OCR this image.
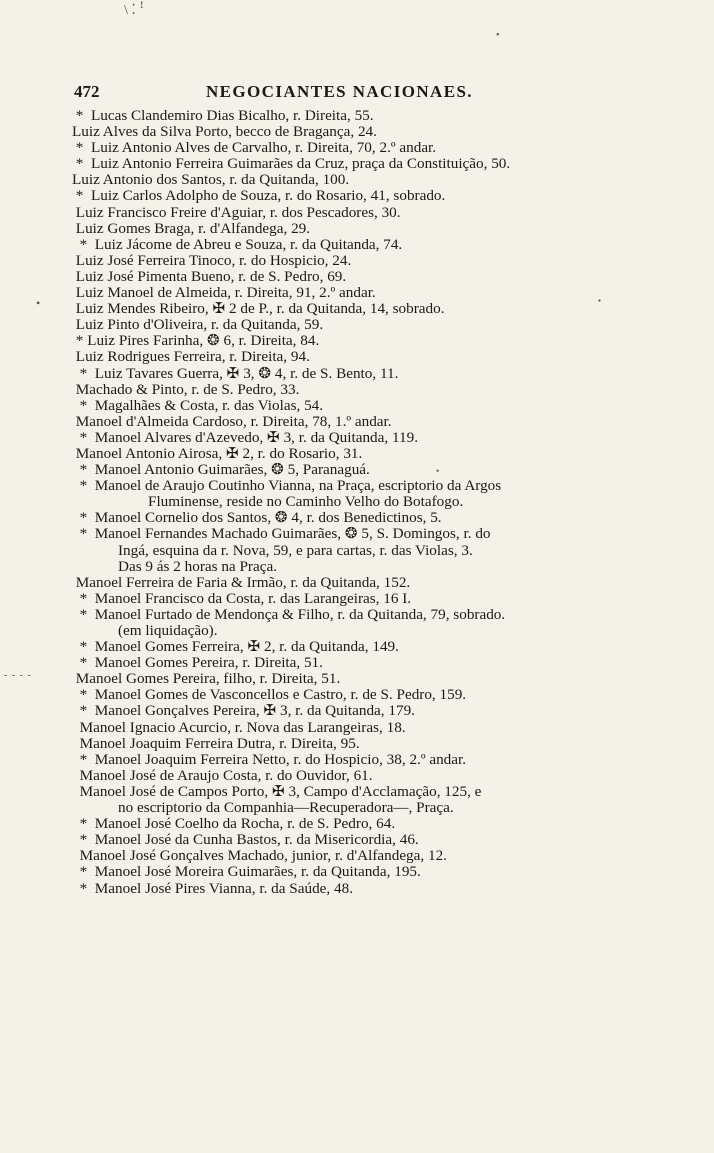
\ ⁚ ꜝ
•
•	▪
- - - -
•
472	NEGOCIANTES NACIONAES.
*  Lucas Clandemiro Dias Bicalho, r. Direita, 55.
Luiz Alves da Silva Porto, becco de Bragança, 24.
*  Luiz Antonio Alves de Carvalho, r. Direita, 70, 2.º andar.
*  Luiz Antonio Ferreira Guimarães da Cruz, praça da Constituição, 50.
Luiz Antonio dos Santos, r. da Quitanda, 100.
*  Luiz Carlos Adolpho de Souza, r. do Rosario, 41, sobrado.
Luiz Francisco Freire d'Aguiar, r. dos Pescadores, 30.
Luiz Gomes Braga, r. d'Alfandega, 29.
*  Luiz Jácome de Abreu e Souza, r. da Quitanda, 74.
Luiz José Ferreira Tinoco, r. do Hospicio, 24.
Luiz José Pimenta Bueno, r. de S. Pedro, 69.
Luiz Manoel de Almeida, r. Direita, 91, 2.º andar.
Luiz Mendes Ribeiro, ✠ 2 de P., r. da Quitanda, 14, sobrado.
Luiz Pinto d'Oliveira, r. da Quitanda, 59.
* Luiz Pires Farinha, ❂ 6, r. Direita, 84.
Luiz Rodrigues Ferreira, r. Direita, 94.
*  Luiz Tavares Guerra, ✠ 3, ❂ 4, r. de S. Bento, 11.
Machado & Pinto, r. de S. Pedro, 33.
*  Magalhães & Costa, r. das Violas, 54.
Manoel d'Almeida Cardoso, r. Direita, 78, 1.º andar.
*  Manoel Alvares d'Azevedo, ✠ 3, r. da Quitanda, 119.
Manoel Antonio Airosa, ✠ 2, r. do Rosario, 31.
*  Manoel Antonio Guimarães, ❂ 5, Paranaguá.
*  Manoel de Araujo Coutinho Vianna, na Praça, escriptorio da Argos
Fluminense, reside no Caminho Velho do Botafogo.
*  Manoel Cornelio dos Santos, ❂ 4, r. dos Benedictinos, 5.
*  Manoel Fernandes Machado Guimarães, ❂ 5, S. Domingos, r. do
Ingá, esquina da r. Nova, 59, e para cartas, r. das Violas, 3.
Das 9 ás 2 horas na Praça.
Manoel Ferreira de Faria & Irmão, r. da Quitanda, 152.
*  Manoel Francisco da Costa, r. das Larangeiras, 16 I.
*  Manoel Furtado de Mendonça & Filho, r. da Quitanda, 79, sobrado.
(em liquidação).
*  Manoel Gomes Ferreira, ✠ 2, r. da Quitanda, 149.
*  Manoel Gomes Pereira, r. Direita, 51.
Manoel Gomes Pereira, filho, r. Direita, 51.
*  Manoel Gomes de Vasconcellos e Castro, r. de S. Pedro, 159.
*  Manoel Gonçalves Pereira, ✠ 3, r. da Quitanda, 179.
Manoel Ignacio Acurcio, r. Nova das Larangeiras, 18.
Manoel Joaquim Ferreira Dutra, r. Direita, 95.
*  Manoel Joaquim Ferreira Netto, r. do Hospicio, 38, 2.º andar.
Manoel José de Araujo Costa, r. do Ouvidor, 61.
Manoel José de Campos Porto, ✠ 3, Campo d'Acclamação, 125, e
no escriptorio da Companhia—Recuperadora—, Praça.
*  Manoel José Coelho da Rocha, r. de S. Pedro, 64.
*  Manoel José da Cunha Bastos, r. da Misericordia, 46.
Manoel José Gonçalves Machado, junior, r. d'Alfandega, 12.
*  Manoel José Moreira Guimarães, r. da Quitanda, 195.
*  Manoel José Pires Vianna, r. da Saúde, 48.
